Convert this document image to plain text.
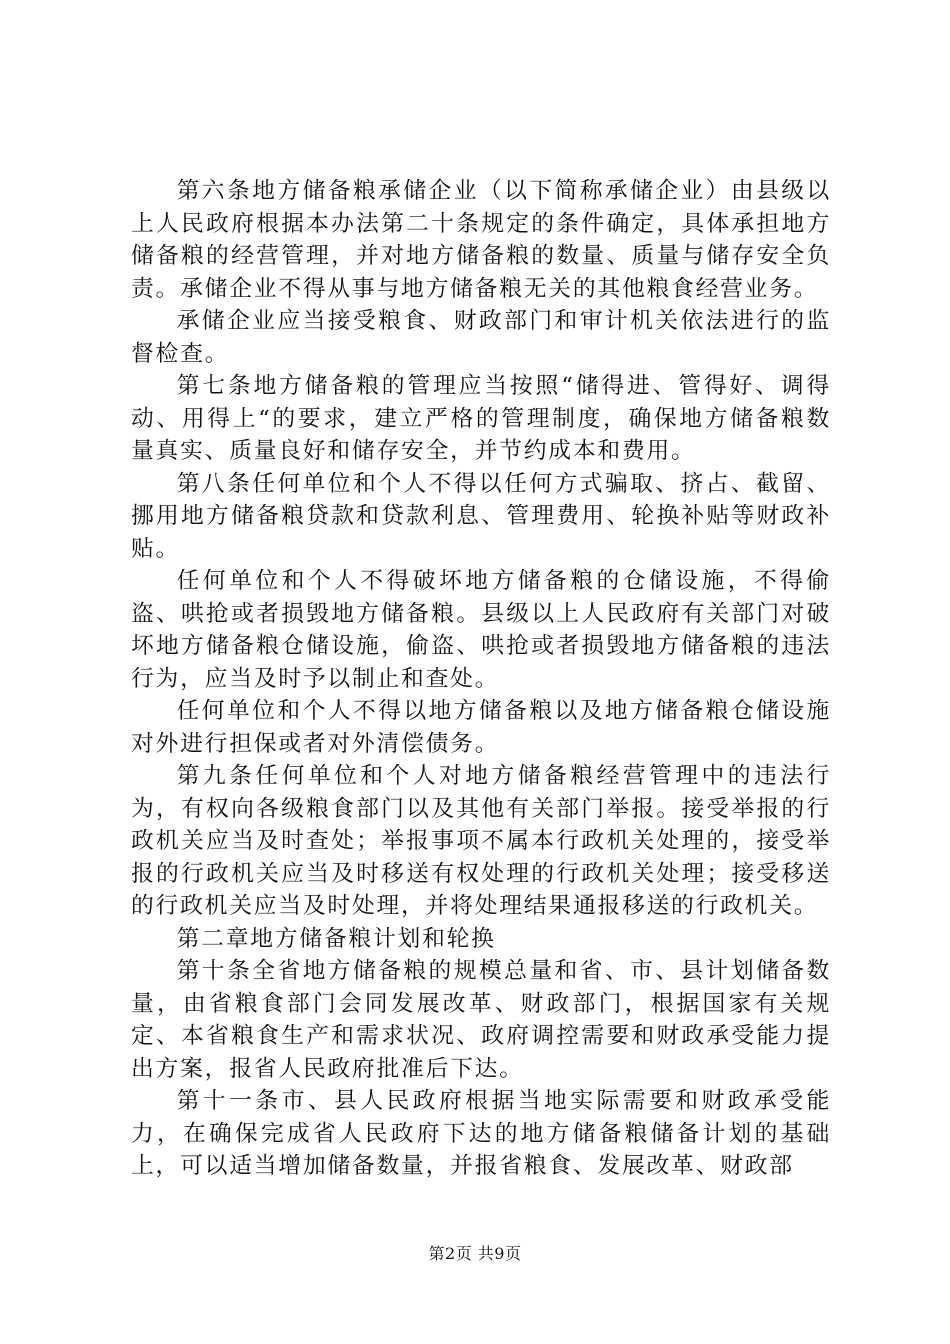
第六条地方储备粮承储企业（以下简称承储企业）由县级以上人民政府根据本办法第二十条规定的条件确定，具体承担地方储备粮的经营管理，并对地方储备粮的数量、质量与储存安全负责。承储企业不得从事与地方储备粮无关的其他粮食经营业务。

承储企业应当接受粮食、财政部门和审计机关依法进行的监督检查。

第七条地方储备粮的管理应当按照“储得进、管得好、调得动、用得上“的要求，建立严格的管理制度，确保地方储备粮数量真实、质量良好和储存安全，并节约成本和费用。

第八条任何单位和个人不得以任何方式骗取、挤占、截留、挪用地方储备粮贷款和贷款利息、管理费用、轮换补贴等财政补贴。

任何单位和个人不得破坏地方储备粮的仓储设施，不得偷盗、哄抢或者损毁地方储备粮。县级以上人民政府有关部门对破坏地方储备粮仓储设施，偷盗、哄抢或者损毁地方储备粮的违法行为，应当及时予以制止和查处。

任何单位和个人不得以地方储备粮以及地方储备粮仓储设施对外进行担保或者对外清偿债务。

第九条任何单位和个人对地方储备粮经营管理中的违法行为，有权向各级粮食部门以及其他有关部门举报。接受举报的行政机关应当及时查处；举报事项不属本行政机关处理的，接受举报的行政机关应当及时移送有权处理的行政机关处理；接受移送的行政机关应当及时处理，并将处理结果通报移送的行政机关。

第二章地方储备粮计划和轮换

第十条全省地方储备粮的规模总量和省、市、县计划储备数量，由省粮食部门会同发展改革、财政部门，根据国家有关规定、本省粮食生产和需求状况、政府调控需要和财政承受能力提出方案，报省人民政府批准后下达。

第十一条市、县人民政府根据当地实际需要和财政承受能力，在确保完成省人民政府下达的地方储备粮储备计划的基础上，可以适当增加储备数量，并报省粮食、发展改革、财政部

第2页 共9页
